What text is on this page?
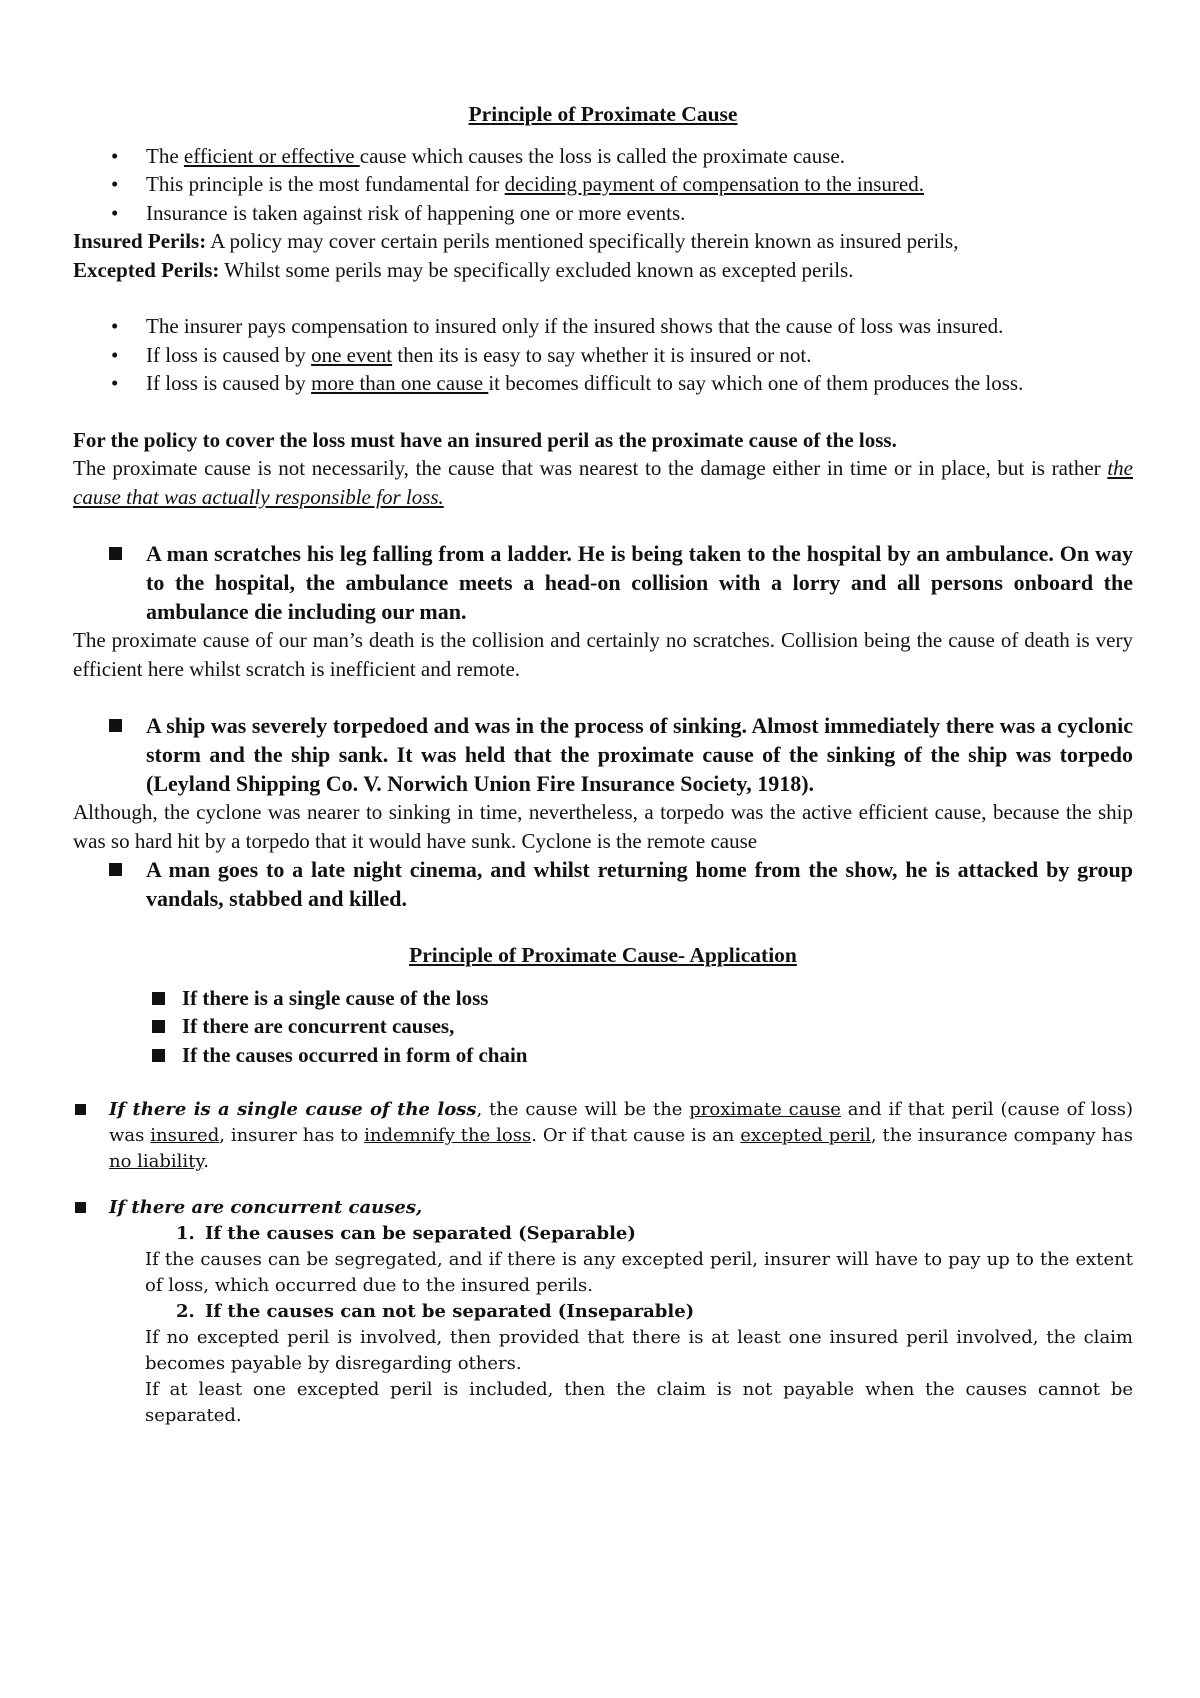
Principle of Proximate Cause
• The efficient or effective cause which causes the loss is called the proximate cause.
• This principle is the most fundamental for deciding payment of compensation to the insured.
• Insurance is taken against risk of happening one or more events.

Insured Perils: A policy may cover certain perils mentioned specifically therein known as insured perils,

Excepted Perils: Whilst some perils may be specifically excluded known as excepted perils.

• The insurer pays compensation to insured only if the insured shows that the cause of loss was insured.
• If loss is caused by one event then its is easy to say whether it is insured or not.
• If loss is caused by more than one cause it becomes difficult to say which one of them produces the loss.

For the policy to cover the loss must have an insured peril as the proximate cause of the loss.

The proximate cause is not necessarily, the cause that was nearest to the damage either in time or in place, but is rather the cause that was actually responsible for loss.

A man scratches his leg falling from a ladder. He is being taken to the hospital by an ambulance. On way to the hospital, the ambulance meets a head-on collision with a lorry and all persons onboard the ambulance die including our man.

The proximate cause of our man’s death is the collision and certainly no scratches. Collision being the cause of death is very efficient here whilst scratch is inefficient and remote.

A ship was severely torpedoed and was in the process of sinking. Almost immediately there was a cyclonic storm and the ship sank. It was held that the proximate cause of the sinking of the ship was torpedo (Leyland Shipping Co. V. Norwich Union Fire Insurance Society, 1918).

Although, the cyclone was nearer to sinking in time, nevertheless, a torpedo was the active efficient cause, because the ship was so hard hit by a torpedo that it would have sunk. Cyclone is the remote cause

A man goes to a late night cinema, and whilst returning home from the show, he is attacked by group vandals, stabbed and killed.
Principle of Proximate Cause- Application
If there is a single cause of the loss
If there are concurrent causes,
If the causes occurred in form of chain
If there is a single cause of the loss, the cause will be the proximate cause and if that peril (cause of loss) was insured, insurer has to indemnify the loss. Or if that cause is an excepted peril, the insurance company has no liability.
If there are concurrent causes,
1. If the causes can be separated (Separable)

If the causes can be segregated, and if there is any excepted peril, insurer will have to pay up to the extent of loss, which occurred due to the insured perils.

2. If the causes can not be separated (Inseparable)

If no excepted peril is involved, then provided that there is at least one insured peril involved, the claim becomes payable by disregarding others.

If at least one excepted peril is included, then the claim is not payable when the causes cannot be separated.
